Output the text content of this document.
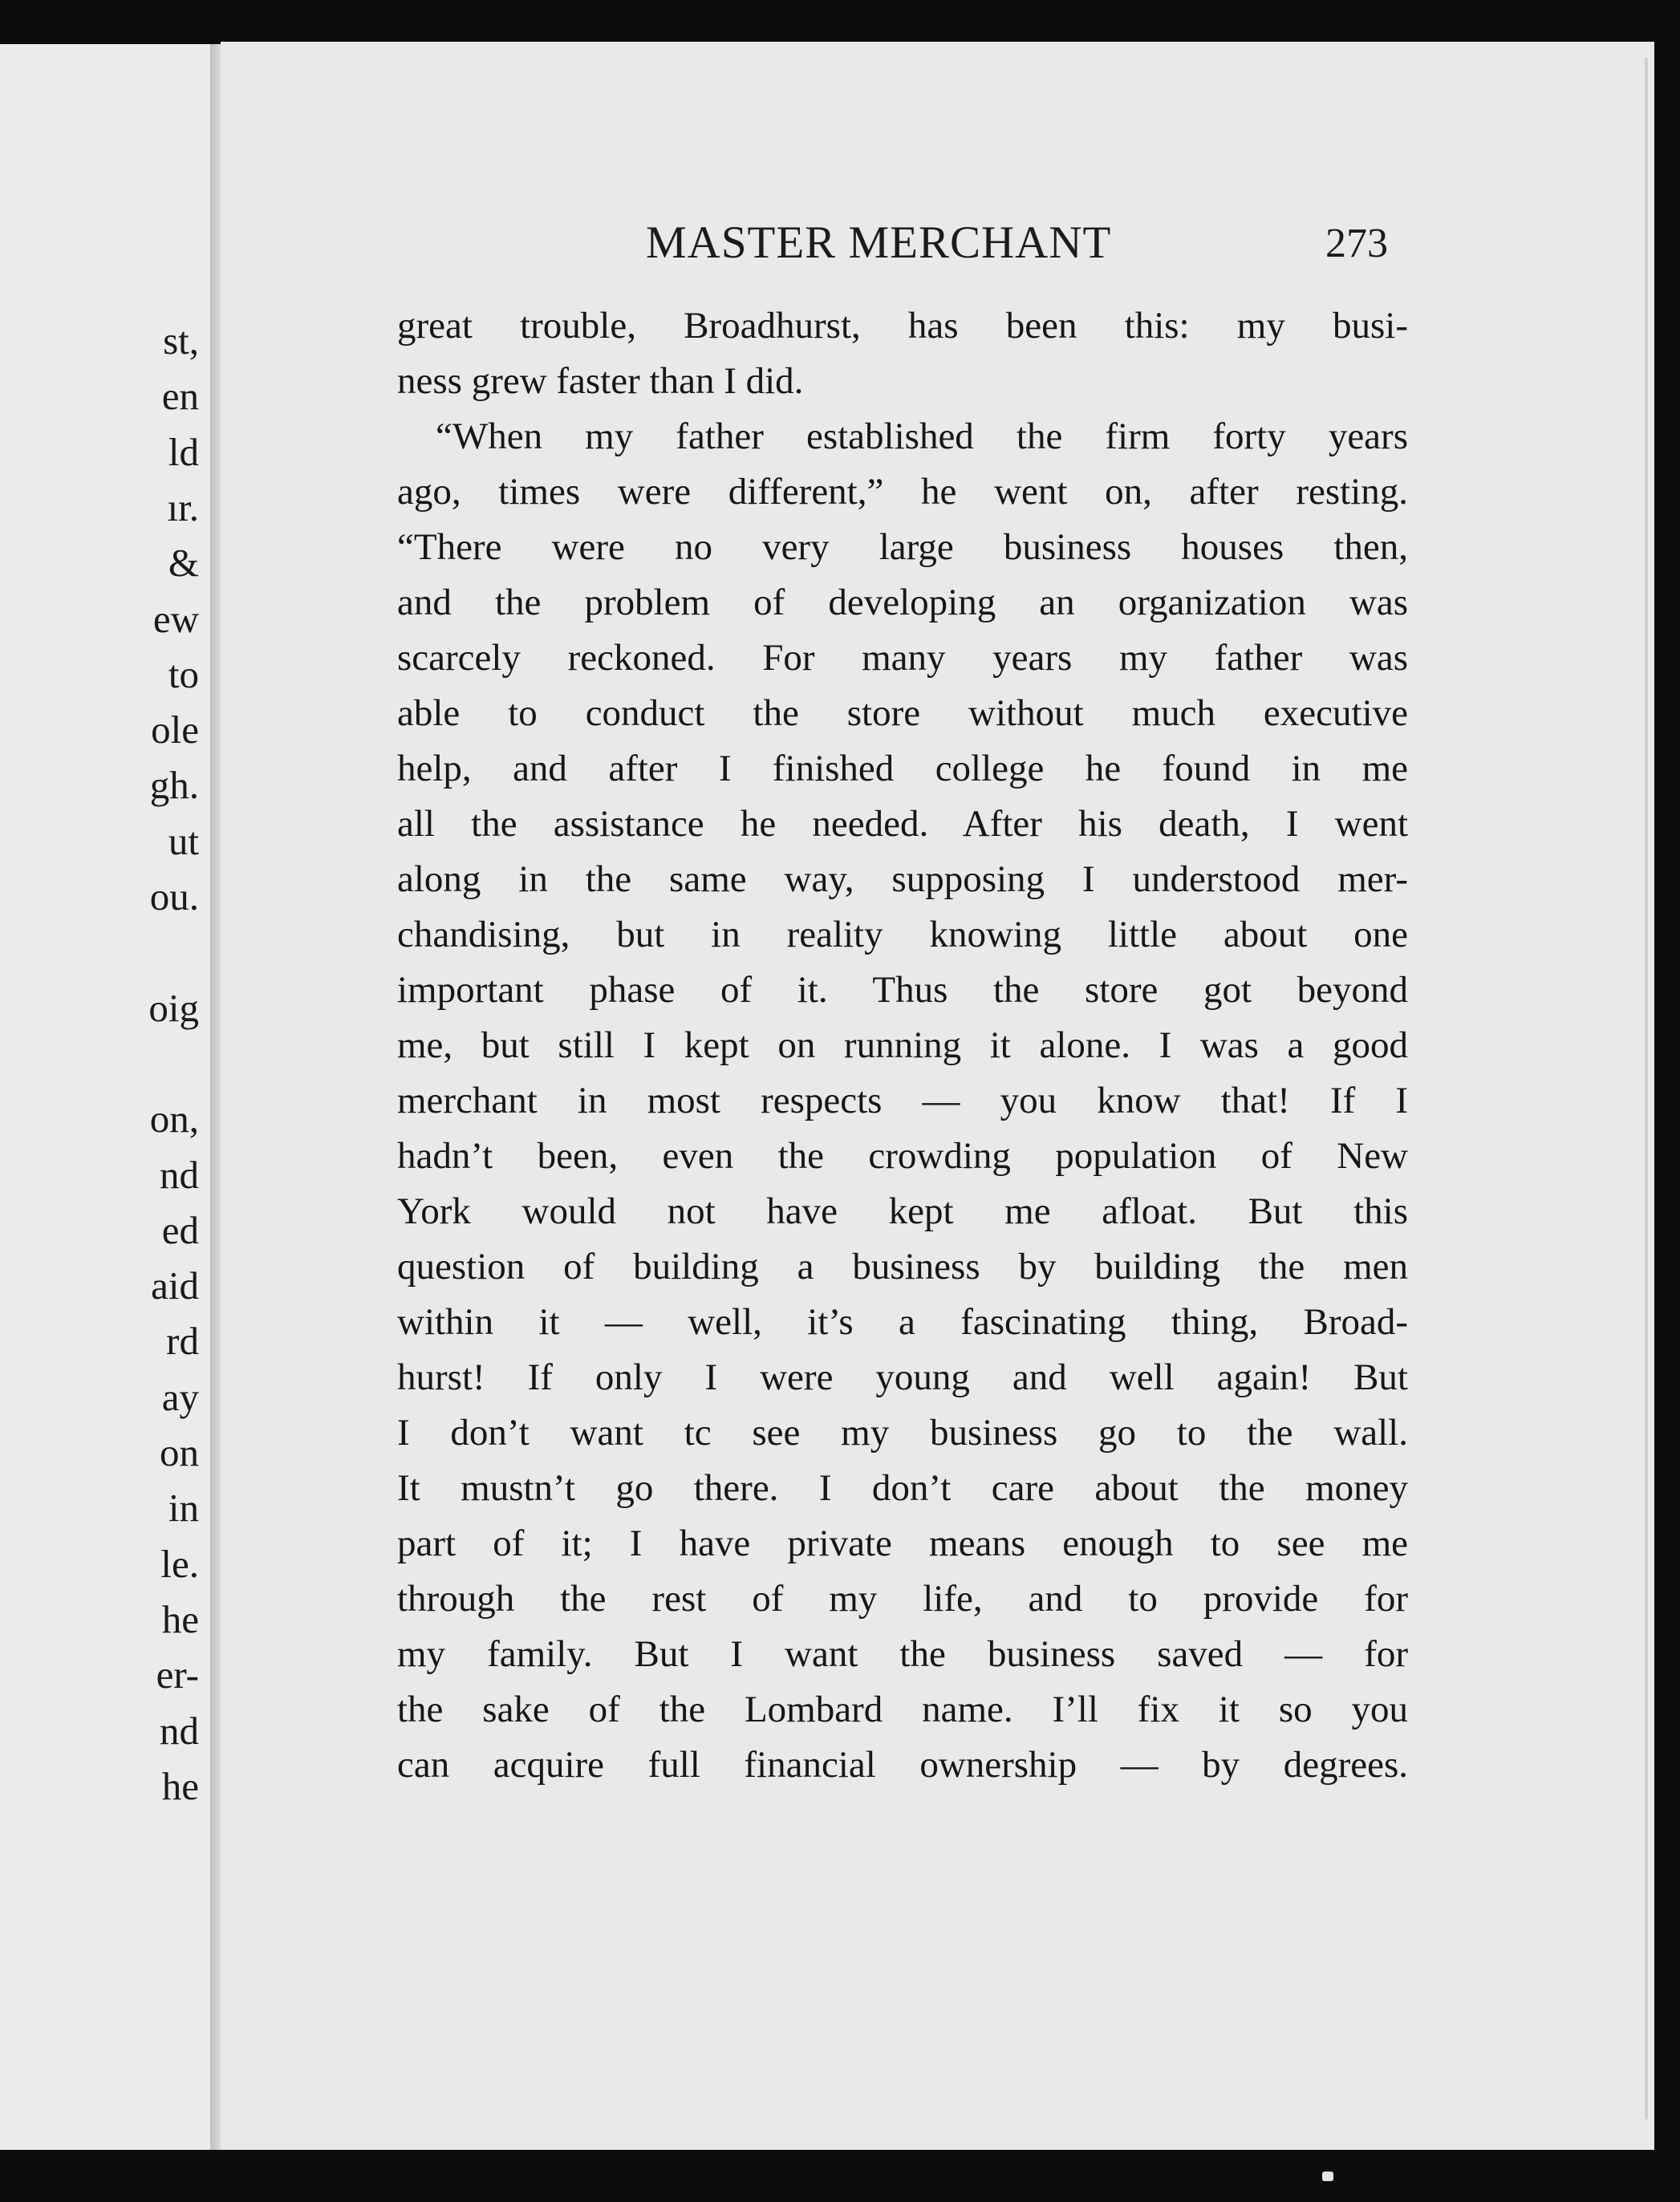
st,
en
ld
ır.
&
ew
to
ole
gh.
ut
ou.
oig
on,
nd
ed
aid
rd
ay
on
in
le.
he
er-
nd
he
MASTER MERCHANT	273
great trouble, Broadhurst, has been this: my busi-
ness grew faster than I did.
“When my father established the firm forty years
ago, times were different,” he went on, after resting.
“There were no very large business houses then,
and the problem of developing an organization was
scarcely reckoned. For many years my father was
able to conduct the store without much executive
help, and after I finished college he found in me
all the assistance he needed. After his death, I went
along in the same way, supposing I understood mer-
chandising, but in reality knowing little about one
important phase of it. Thus the store got beyond
me, but still I kept on running it alone. I was a good
merchant in most respects — you know that! If I
hadn’t been, even the crowding population of New
York would not have kept me afloat. But this
question of building a business by building the men
within it — well, it’s a fascinating thing, Broad-
hurst! If only I were young and well again! But
I don’t want tc see my business go to the wall.
It mustn’t go there. I don’t care about the money
part of it; I have private means enough to see me
through the rest of my life, and to provide for
my family. But I want the business saved — for
the sake of the Lombard name. I’ll fix it so you
can acquire full financial ownership — by degrees.
